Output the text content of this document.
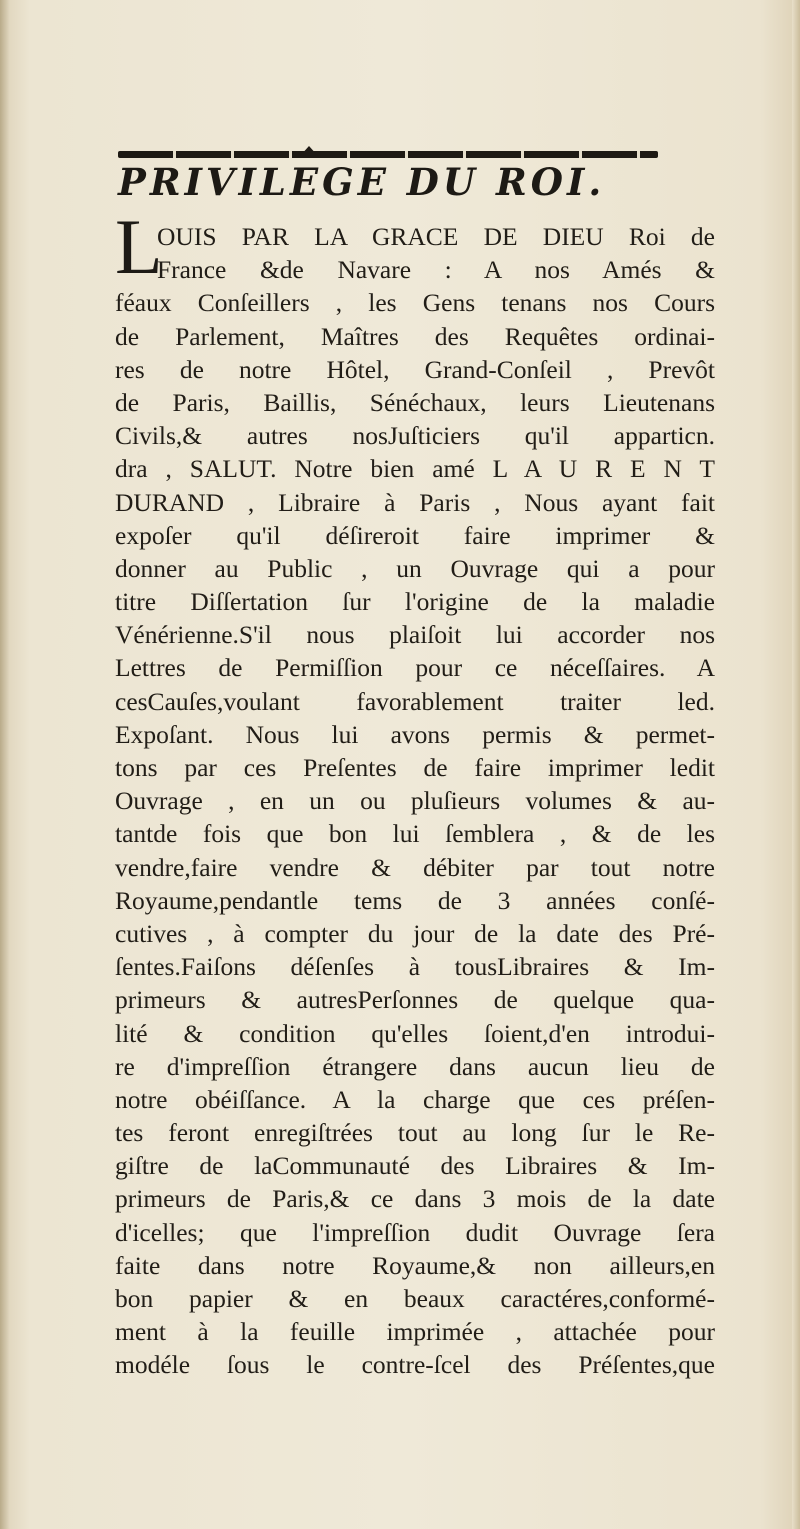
PRIVILEGE DU ROI.
L
OUIS PAR LA GRACE DE DIEU Roi de
France &de Navare : A nos Amés &
féaux Conſeillers , les Gens tenans nos Cours
de Parlement, Maîtres des Requêtes ordinai-
res de notre Hôtel, Grand-Conſeil , Prevôt
de Paris, Baillis, Sénéchaux, leurs Lieutenans
Civils,& autres nosJuſticiers qu'il apparticn.
dra , SALUT. Notre bien amé L A U R E N T
DURAND , Libraire à Paris , Nous ayant fait
expoſer qu'il déſireroit faire imprimer &
donner au Public , un Ouvrage qui a pour
titre Diſſertation ſur l'origine de la maladie
Vénérienne.S'il nous plaiſoit lui accorder nos
Lettres de Permiſſion pour ce néceſſaires. A
cesCauſes,voulant favorablement traiter led.
Expoſant. Nous lui avons permis & permet-
tons par ces Preſentes de faire imprimer ledit
Ouvrage , en un ou pluſieurs volumes & au-
tantde fois que bon lui ſemblera , & de les
vendre,faire vendre & débiter par tout notre
Royaume,pendantle tems de 3 années conſé-
cutives , à compter du jour de la date des Pré-
ſentes.Faiſons déſenſes à tousLibraires & Im-
primeurs & autresPerſonnes de quelque qua-
lité & condition qu'elles ſoient,d'en introdui-
re d'impreſſion étrangere dans aucun lieu de
notre obéiſſance. A la charge que ces préſen-
tes feront enregiſtrées tout au long ſur le Re-
giſtre de laCommunauté des Libraires & Im-
primeurs de Paris,& ce dans 3 mois de la date
d'icelles; que l'impreſſion dudit Ouvrage ſera
faite dans notre Royaume,& non ailleurs,en
bon papier & en beaux caractéres,conformé-
ment à la feuille imprimée , attachée pour
modéle ſous le contre-ſcel des Préſentes,que
